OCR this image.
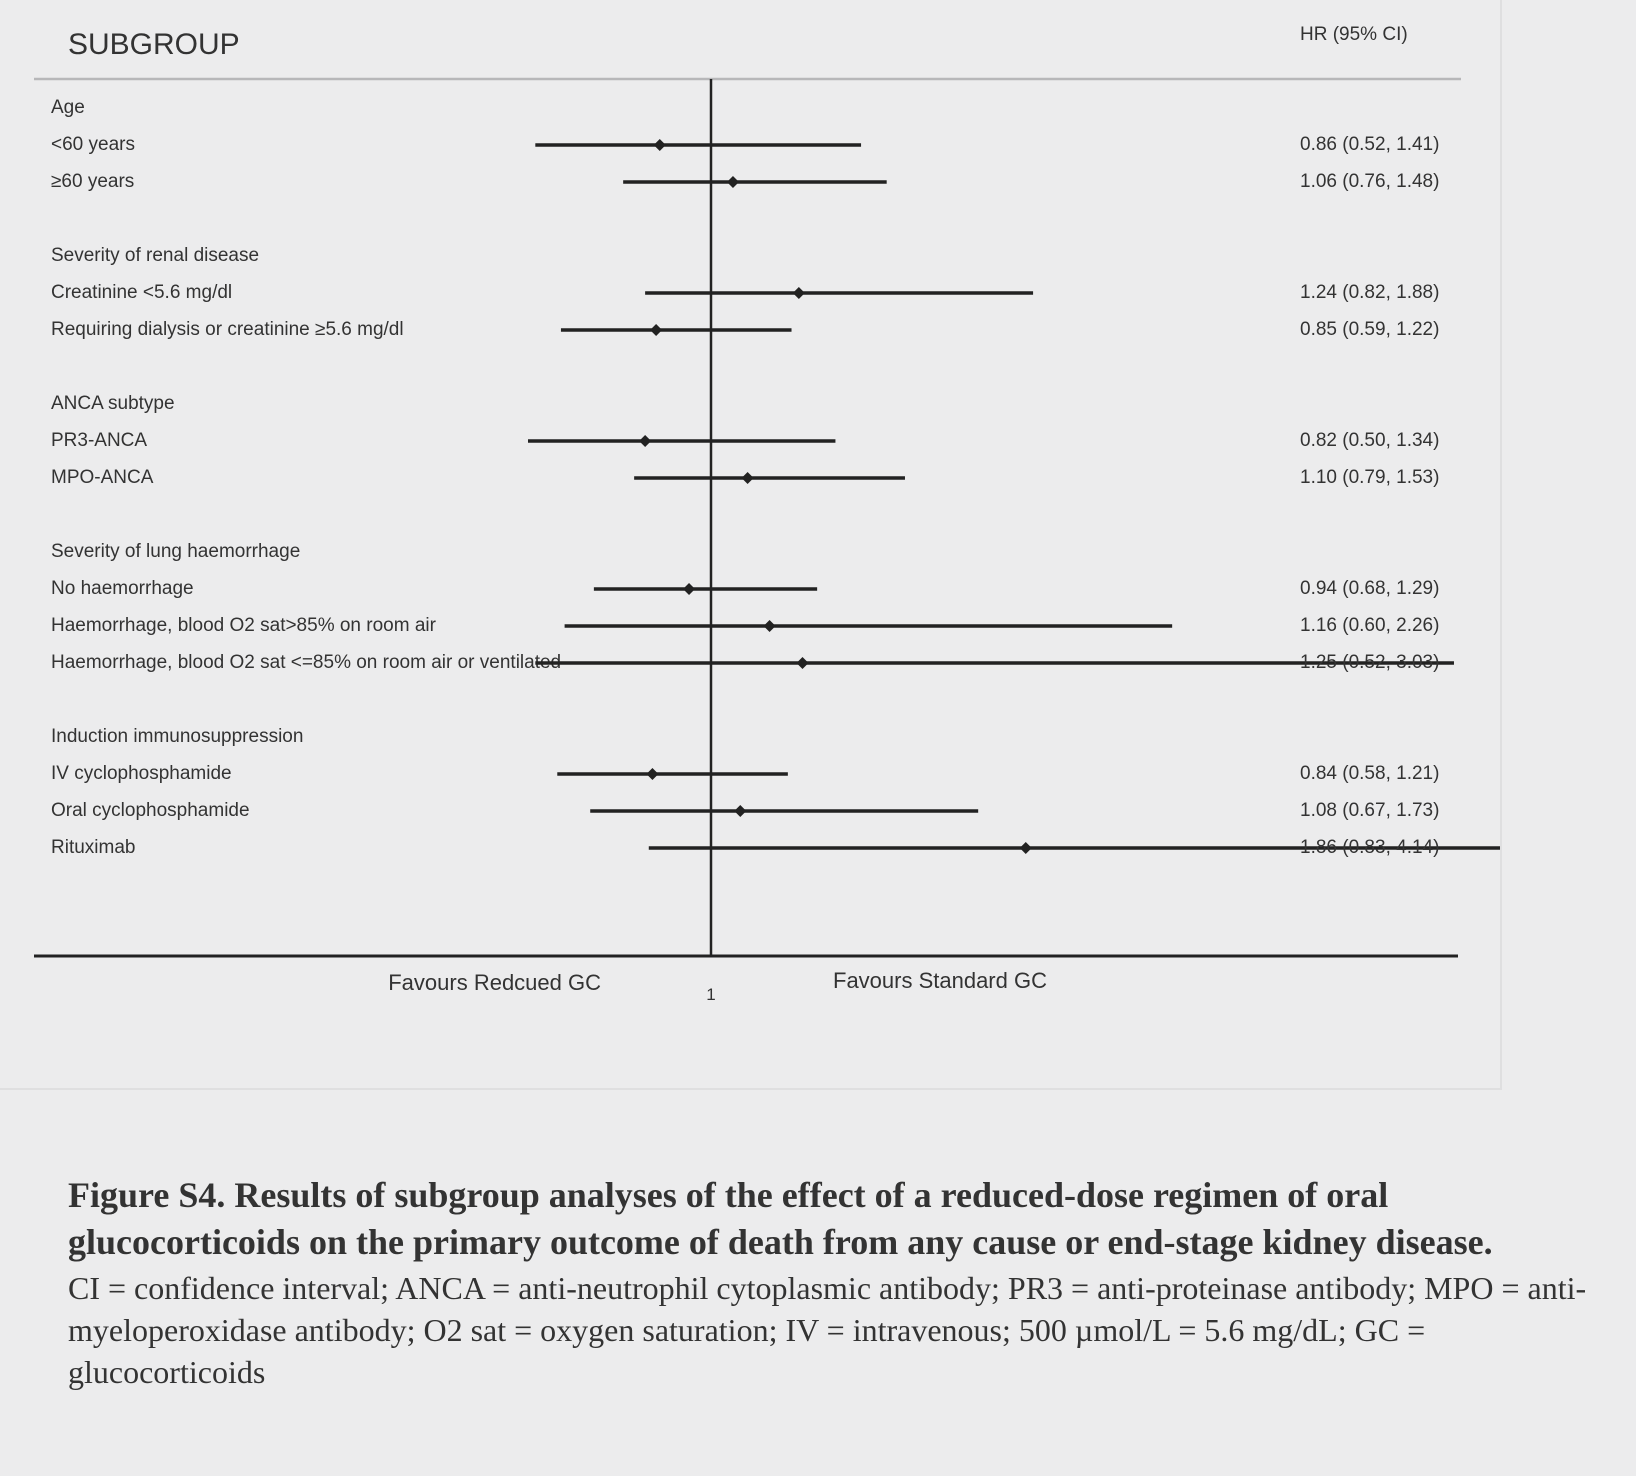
SUBGROUP	HR (95% CI)
Age
<60 years	0.86 (0.52, 1.41)
≥60 years	1.06 (0.76, 1.48)
Severity of renal disease
Creatinine <5.6 mg/dl	1.24 (0.82, 1.88)
Requiring dialysis or creatinine ≥5.6 mg/dl	0.85 (0.59, 1.22)
ANCA subtype
PR3-ANCA	0.82 (0.50, 1.34)
MPO-ANCA	1.10 (0.79, 1.53)
Severity of lung haemorrhage
No haemorrhage	0.94 (0.68, 1.29)
Haemorrhage, blood O2 sat>85% on room air	1.16 (0.60, 2.26)
Haemorrhage, blood O2 sat <=85% on room air or ventilated	1.25 (0.52, 3.03)
Induction immunosuppression
IV cyclophosphamide	0.84 (0.58, 1.21)
Oral cyclophosphamide	1.08 (0.67, 1.73)
Rituximab	1.86 (0.83, 4.14)
Favours Redcued GC	1
Favours Standard GC
Figure S4. Results of subgroup analyses of the effect of a reduced-dose regimen of oral glucocorticoids on the primary outcome of death from any cause or end-stage kidney disease.
CI = confidence interval; ANCA = anti-neutrophil cytoplasmic antibody; PR3 = anti-proteinase antibody; MPO = anti-myeloperoxidase antibody; O2 sat = oxygen saturation; IV = intravenous; 500 µmol/L = 5.6 mg/dL; GC = glucocorticoids
